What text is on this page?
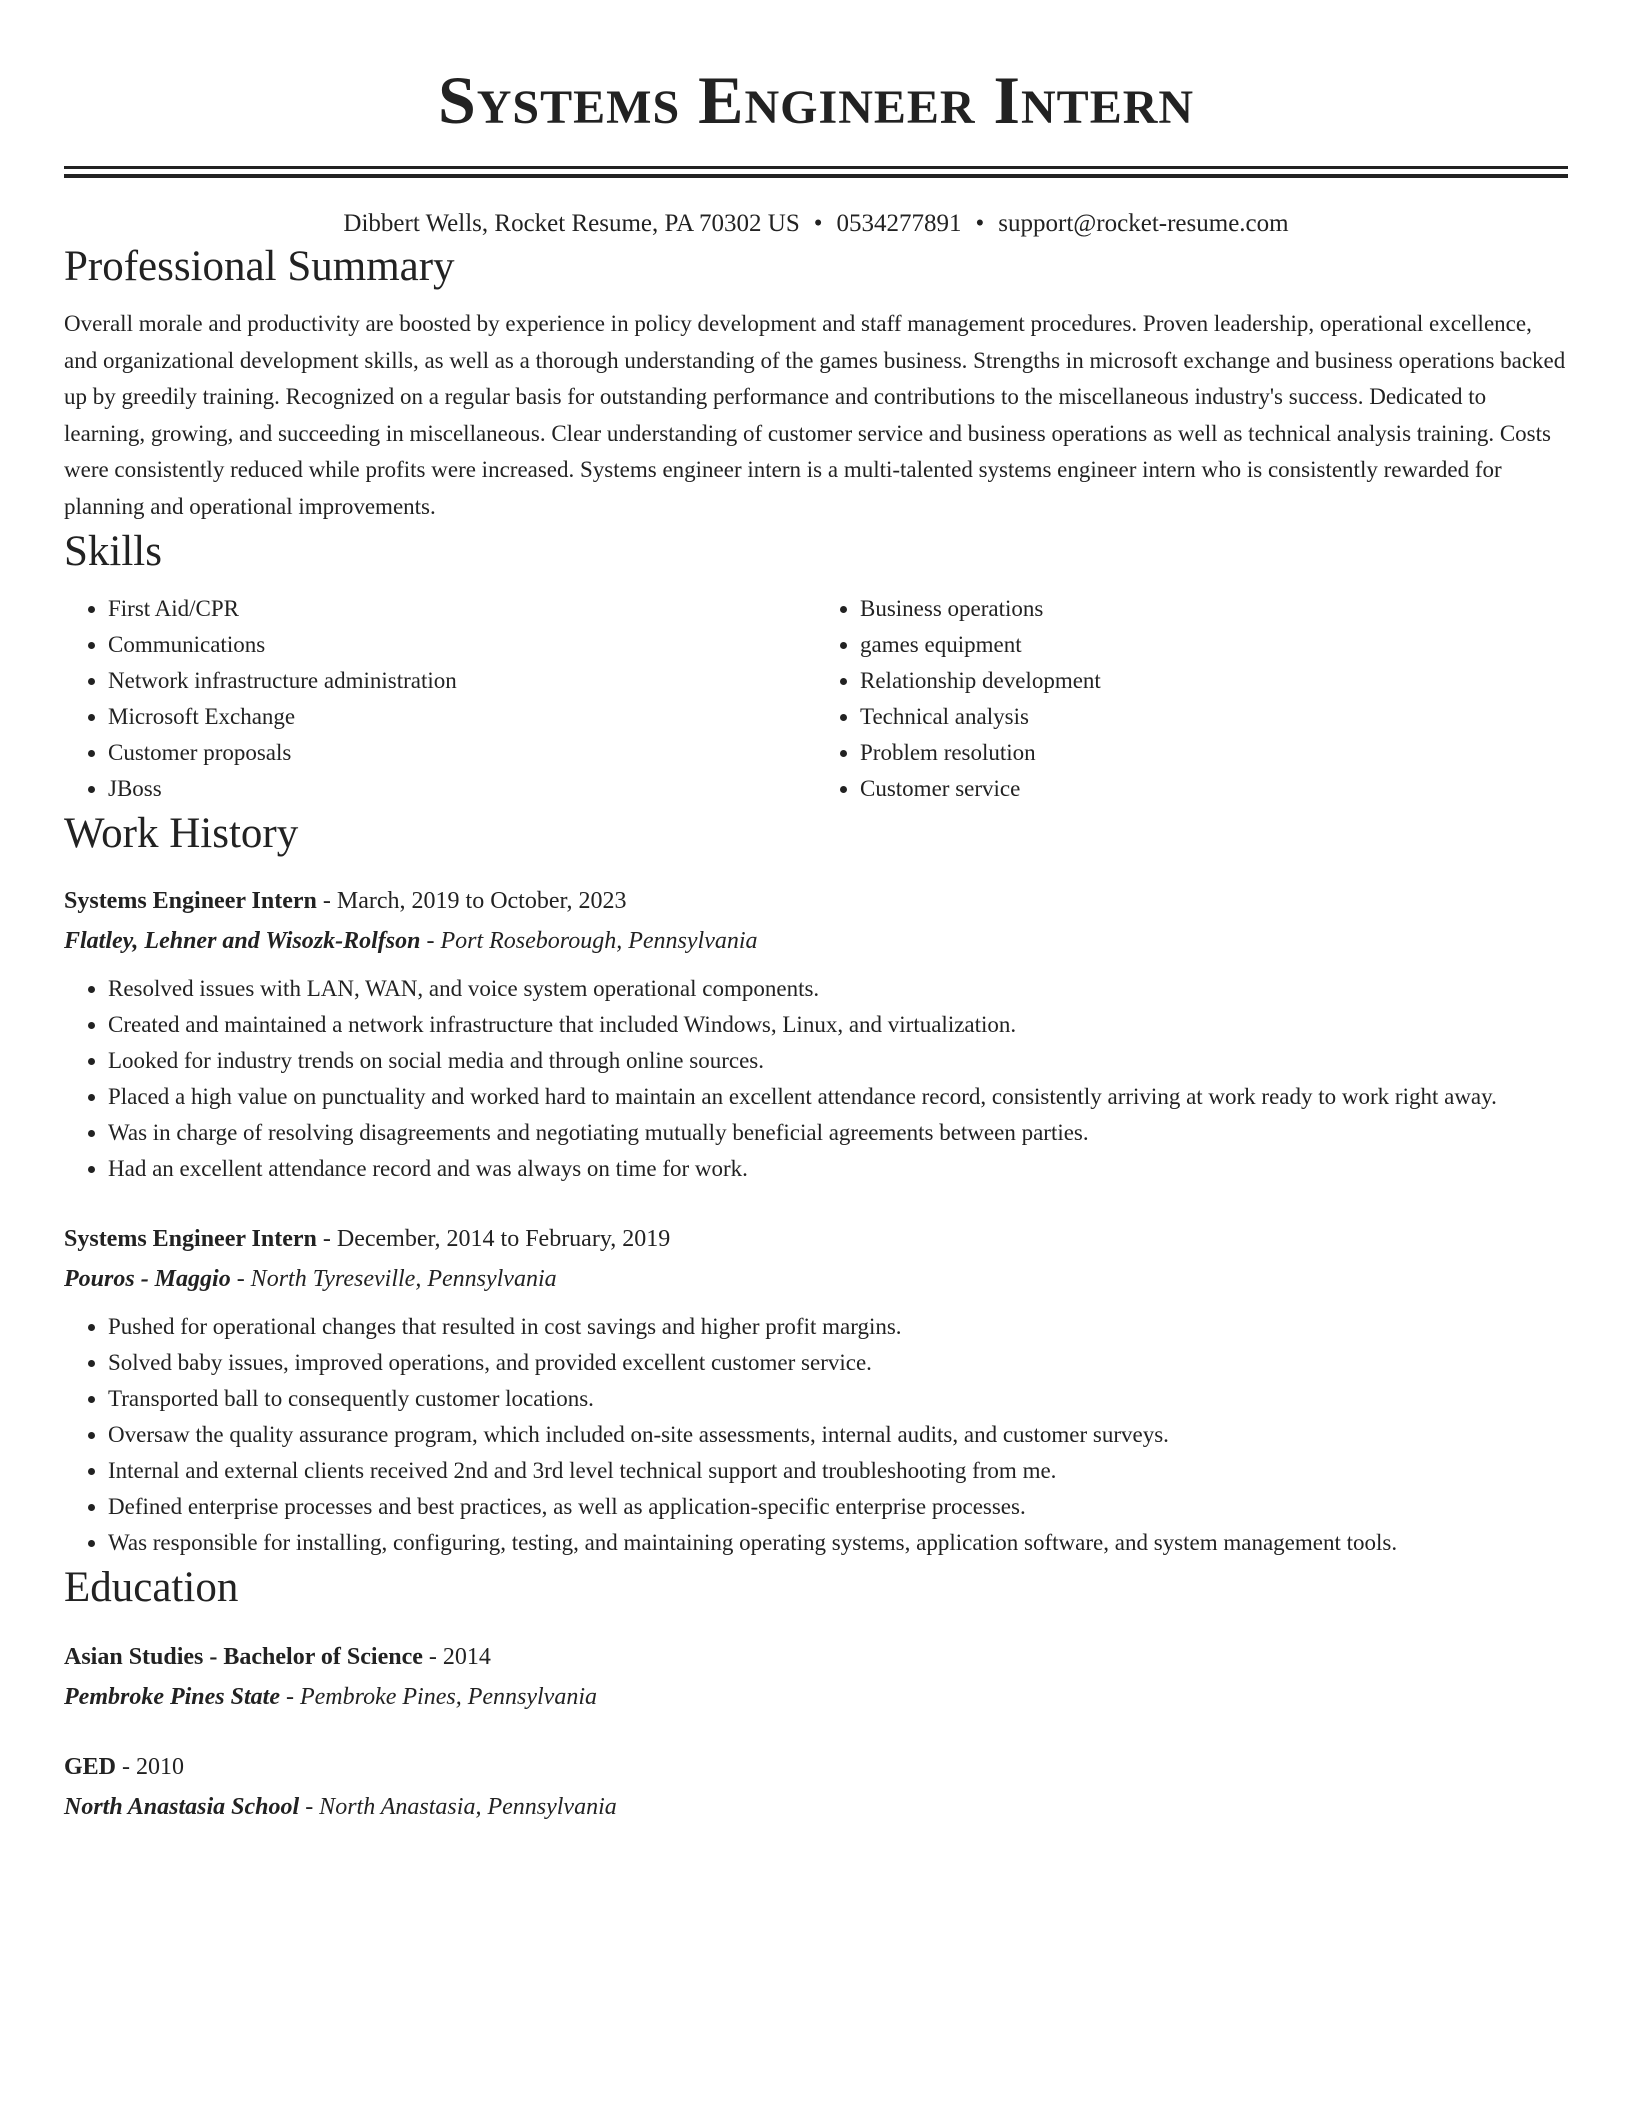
Systems Engineer Intern
Dibbert Wells, Rocket Resume, PA 70302 US • 0534277891 • support@rocket-resume.com
Professional Summary

Overall morale and productivity are boosted by experience in policy development and staff management procedures. Proven leadership, operational excellence, and organizational development skills, as well as a thorough understanding of the games business. Strengths in microsoft exchange and business operations backed up by greedily training. Recognized on a regular basis for outstanding performance and contributions to the miscellaneous industry's success. Dedicated to learning, growing, and succeeding in miscellaneous. Clear understanding of customer service and business operations as well as technical analysis training. Costs were consistently reduced while profits were increased. Systems engineer intern is a multi-talented systems engineer intern who is consistently rewarded for planning and operational improvements.

Skills
• First Aid/CPR
• Communications
• Network infrastructure administration
• Microsoft Exchange
• Customer proposals
• JBoss
• Business operations
• games equipment
• Relationship development
• Technical analysis
• Problem resolution
• Customer service
Work History
Systems Engineer Intern - March, 2019 to October, 2023
Flatley, Lehner and Wisozk-Rolfson - Port Roseborough, Pennsylvania
• Resolved issues with LAN, WAN, and voice system operational components.
• Created and maintained a network infrastructure that included Windows, Linux, and virtualization.
• Looked for industry trends on social media and through online sources.
• Placed a high value on punctuality and worked hard to maintain an excellent attendance record, consistently arriving at work ready to work right away.
• Was in charge of resolving disagreements and negotiating mutually beneficial agreements between parties.
• Had an excellent attendance record and was always on time for work.
Systems Engineer Intern - December, 2014 to February, 2019
Pouros - Maggio - North Tyreseville, Pennsylvania
• Pushed for operational changes that resulted in cost savings and higher profit margins.
• Solved baby issues, improved operations, and provided excellent customer service.
• Transported ball to consequently customer locations.
• Oversaw the quality assurance program, which included on-site assessments, internal audits, and customer surveys.
• Internal and external clients received 2nd and 3rd level technical support and troubleshooting from me.
• Defined enterprise processes and best practices, as well as application-specific enterprise processes.
• Was responsible for installing, configuring, testing, and maintaining operating systems, application software, and system management tools.
Education
Asian Studies - Bachelor of Science - 2014
Pembroke Pines State - Pembroke Pines, Pennsylvania
GED - 2010
North Anastasia School - North Anastasia, Pennsylvania
